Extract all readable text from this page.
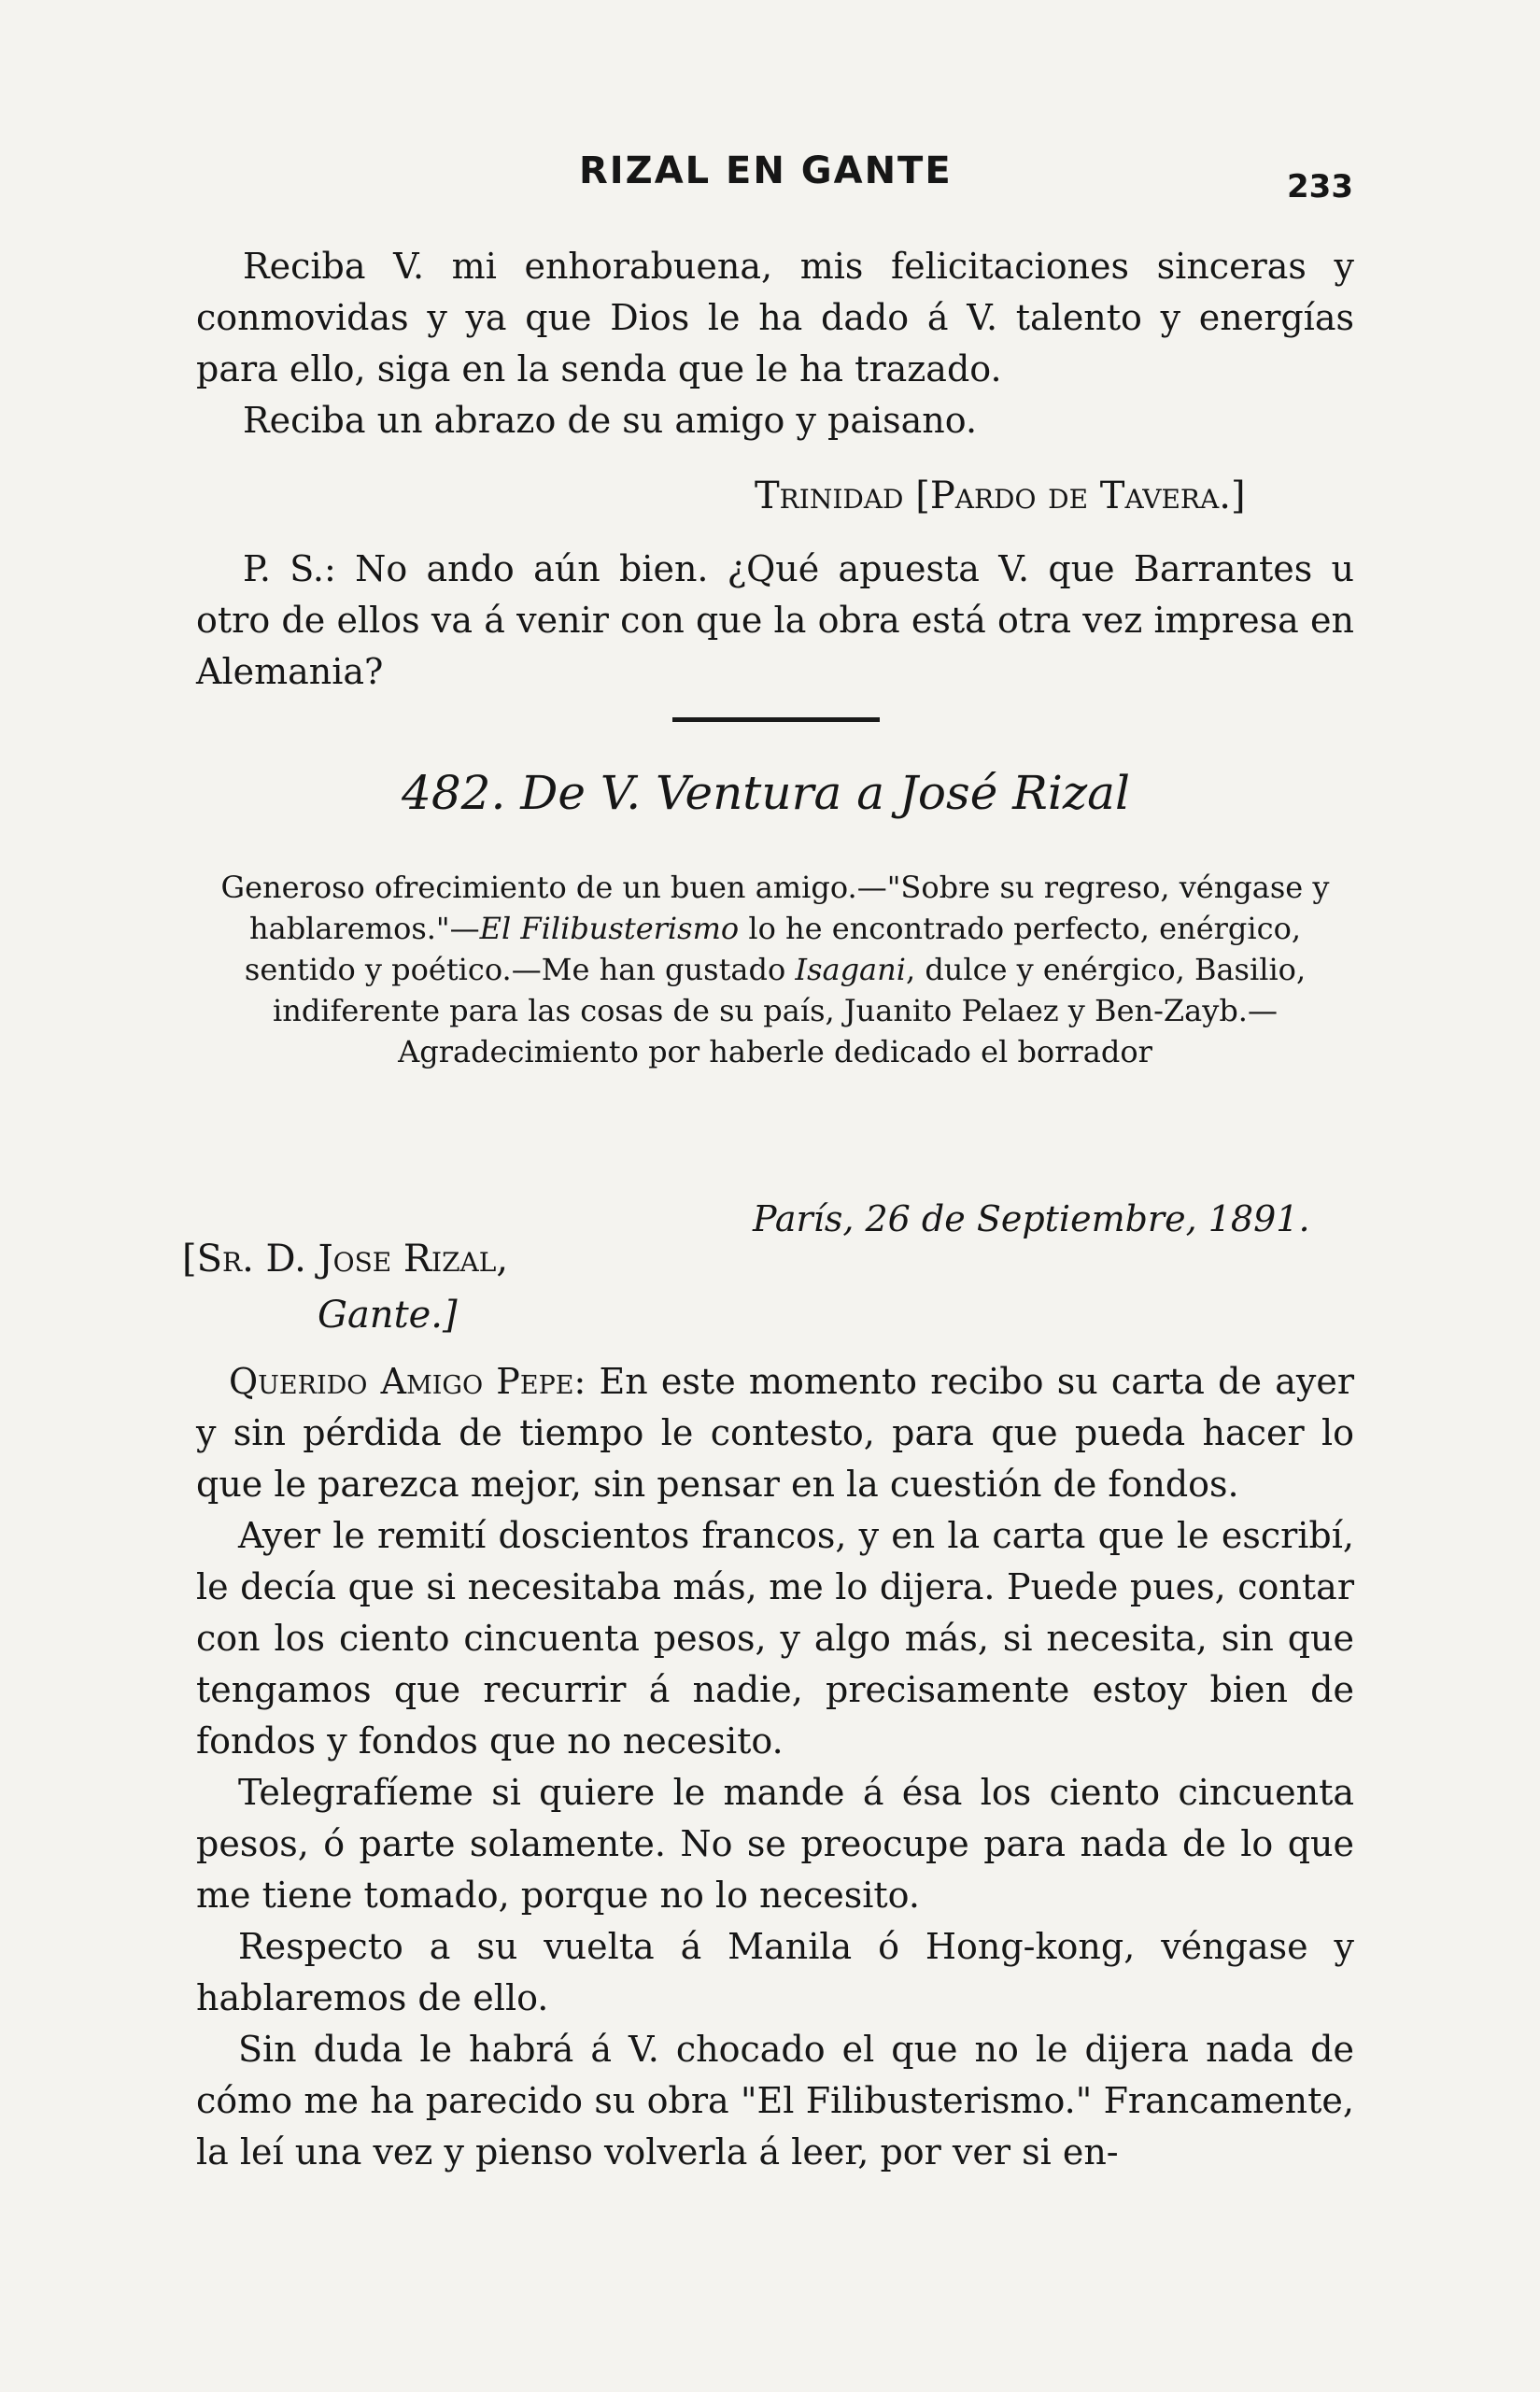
RIZAL EN GANTE	233

Reciba V. mi enhorabuena, mis felicitaciones sinceras y conmovidas y ya que Dios le ha dado á V. talento y energías para ello, siga en la senda que le ha trazado.

Reciba un abrazo de su amigo y paisano.

Trinidad [Pardo de Tavera.]

P. S.: No ando aún bien. ¿Qué apuesta V. que Barrantes u otro de ellos va á venir con que la obra está otra vez impresa en Alemania?

482. De V. Ventura a José Rizal
Generoso ofrecimiento de un buen amigo.—"Sobre su regreso, véngase y hablaremos."—El Filibusterismo lo he encontrado perfecto, enérgico, sentido y poético.—Me han gustado Isagani, dulce y enérgico, Basilio, indiferente para las cosas de su país, Juanito Pelaez y Ben-Zayb.—Agradecimiento por haberle dedicado el borrador
París, 26 de Septiembre, 1891.
[Sr. D. Jose Rizal,
Gante.]

Querido Amigo Pepe: En este momento recibo su carta de ayer y sin pérdida de tiempo le contesto, para que pueda hacer lo que le parezca mejor, sin pensar en la cuestión de fondos.

Ayer le remití doscientos francos, y en la carta que le escribí, le decía que si necesitaba más, me lo dijera. Puede pues, contar con los ciento cincuenta pesos, y algo más, si necesita, sin que tengamos que recurrir á nadie, precisamente estoy bien de fondos y fondos que no necesito.

Telegrafíeme si quiere le mande á ésa los ciento cincuenta pesos, ó parte solamente. No se preocupe para nada de lo que me tiene tomado, porque no lo necesito.

Respecto a su vuelta á Manila ó Hong-kong, véngase y hablaremos de ello.

Sin duda le habrá á V. chocado el que no le dijera nada de cómo me ha parecido su obra "El Filibusterismo." Francamente, la leí una vez y pienso volverla á leer, por ver si en-
